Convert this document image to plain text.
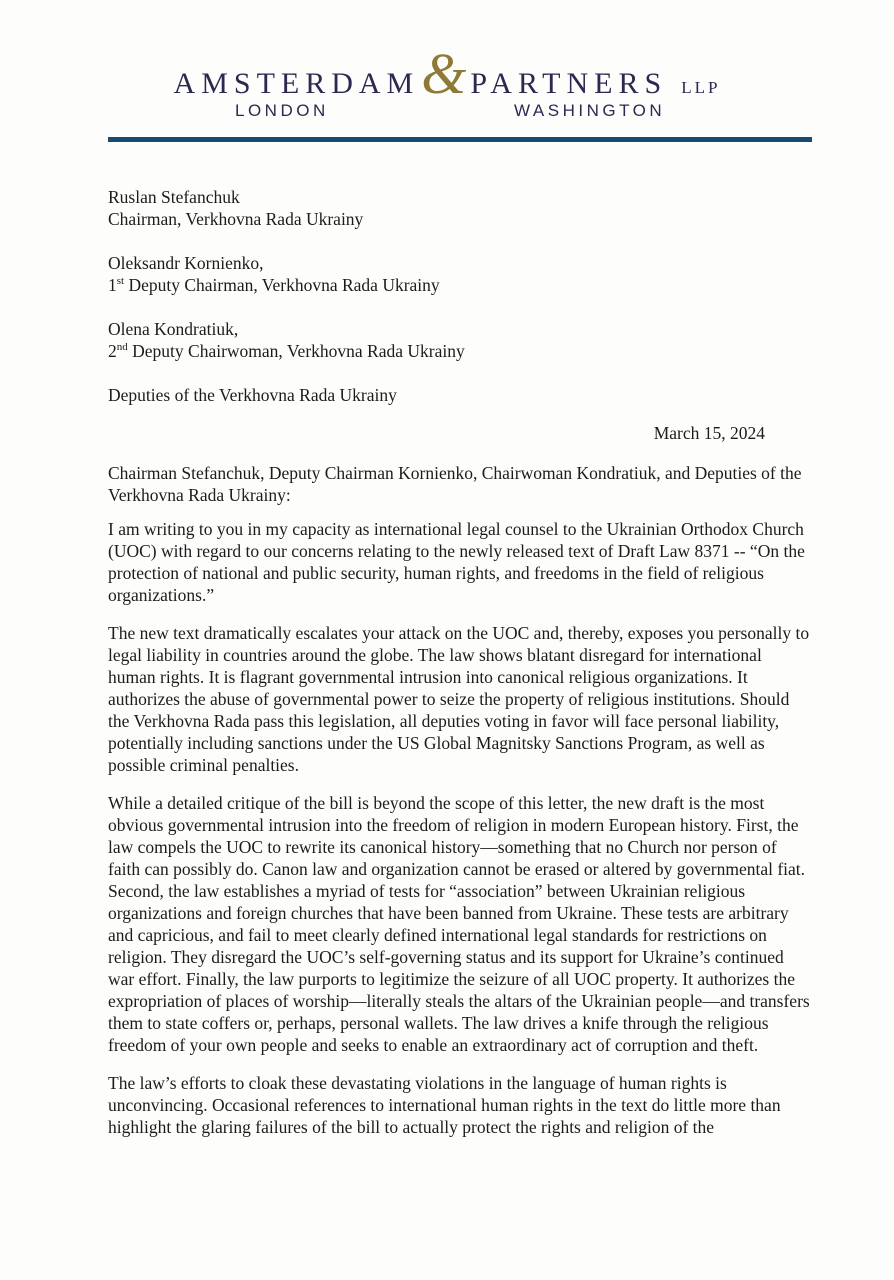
AMSTERDAM & PARTNERS LLP
LONDON	WASHINGTON
Ruslan Stefanchuk
Chairman, Verkhovna Rada Ukrainy
Oleksandr Kornienko,
1st Deputy Chairman, Verkhovna Rada Ukrainy
Olena Kondratiuk,
2nd Deputy Chairwoman, Verkhovna Rada Ukrainy
Deputies of the Verkhovna Rada Ukrainy
March 15, 2024

Chairman Stefanchuk, Deputy Chairman Kornienko, Chairwoman Kondratiuk, and Deputies of the Verkhovna Rada Ukrainy:

I am writing to you in my capacity as international legal counsel to the Ukrainian Orthodox Church (UOC) with regard to our concerns relating to the newly released text of Draft Law 8371 -- “On the protection of national and public security, human rights, and freedoms in the field of religious organizations.”

The new text dramatically escalates your attack on the UOC and, thereby, exposes you personally to legal liability in countries around the globe. The law shows blatant disregard for international human rights. It is flagrant governmental intrusion into canonical religious organizations. It authorizes the abuse of governmental power to seize the property of religious institutions. Should the Verkhovna Rada pass this legislation, all deputies voting in favor will face personal liability, potentially including sanctions under the US Global Magnitsky Sanctions Program, as well as possible criminal penalties.

While a detailed critique of the bill is beyond the scope of this letter, the new draft is the most obvious governmental intrusion into the freedom of religion in modern European history. First, the law compels the UOC to rewrite its canonical history—something that no Church nor person of faith can possibly do. Canon law and organization cannot be erased or altered by governmental fiat.  Second, the law establishes a myriad of tests for “association” between Ukrainian religious organizations and foreign churches that have been banned from Ukraine. These tests are arbitrary and capricious, and fail to meet clearly defined international legal standards for restrictions on religion. They disregard the UOC’s self-governing status and its support for Ukraine’s continued war effort. Finally, the law purports to legitimize the seizure of all UOC property. It authorizes the expropriation of places of worship—literally steals the altars of the Ukrainian people—and transfers them to state coffers or, perhaps, personal wallets. The law drives a knife through the religious freedom of your own people and seeks to enable an extraordinary act of corruption and theft.

The law’s efforts to cloak these devastating violations in the language of human rights is unconvincing. Occasional references to international human rights in the text do little more than highlight the glaring failures of the bill to actually protect the rights and religion of the
